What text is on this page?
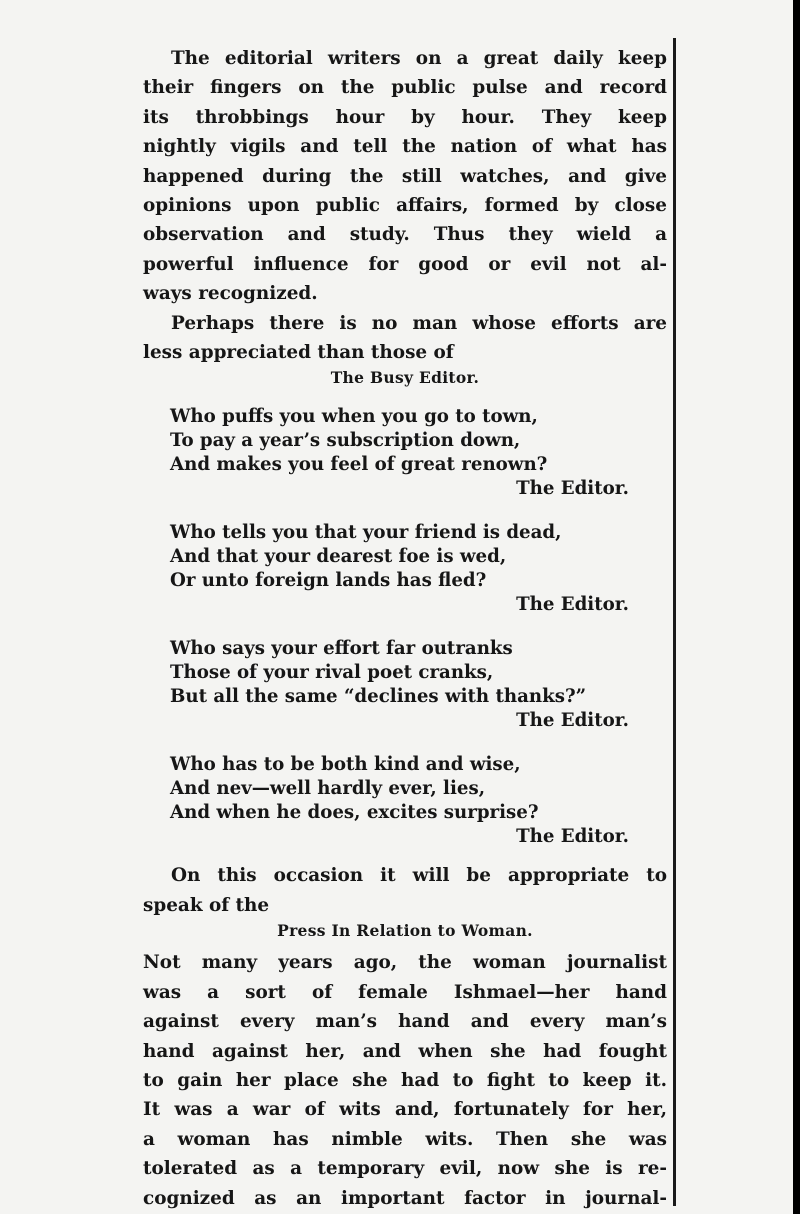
The editorial writers on a great daily keep
their fingers on the public pulse and record
its throbbings hour by hour. They keep
nightly vigils and tell the nation of what has
happened during the still watches, and give
opinions upon public affairs, formed by close
observation and study. Thus they wield a
powerful influence for good or evil not al-
ways recognized.

Perhaps there is no man whose efforts are
less appreciated than those of

The Busy Editor.

Who puffs you when you go to town,
To pay a year’s subscription down,
And makes you feel of great renown?
The Editor.
Who tells you that your friend is dead,
And that your dearest foe is wed,
Or unto foreign lands has fled?
The Editor.
Who says your effort far outranks
Those of your rival poet cranks,
But all the same “declines with thanks?”
The Editor.
Who has to be both kind and wise,
And nev—well hardly ever, lies,
And when he does, excites surprise?
The Editor.

On this occasion it will be appropriate to
speak of the

Press In Relation to Woman.

Not many years ago, the woman journalist
was a sort of female Ishmael—her hand
against every man’s hand and every man’s
hand against her, and when she had fought
to gain her place she had to fight to keep it.
It was a war of wits and, fortunately for her,
a woman has nimble wits. Then she was
tolerated as a temporary evil, now she is re-
cognized as an important factor in journal-
